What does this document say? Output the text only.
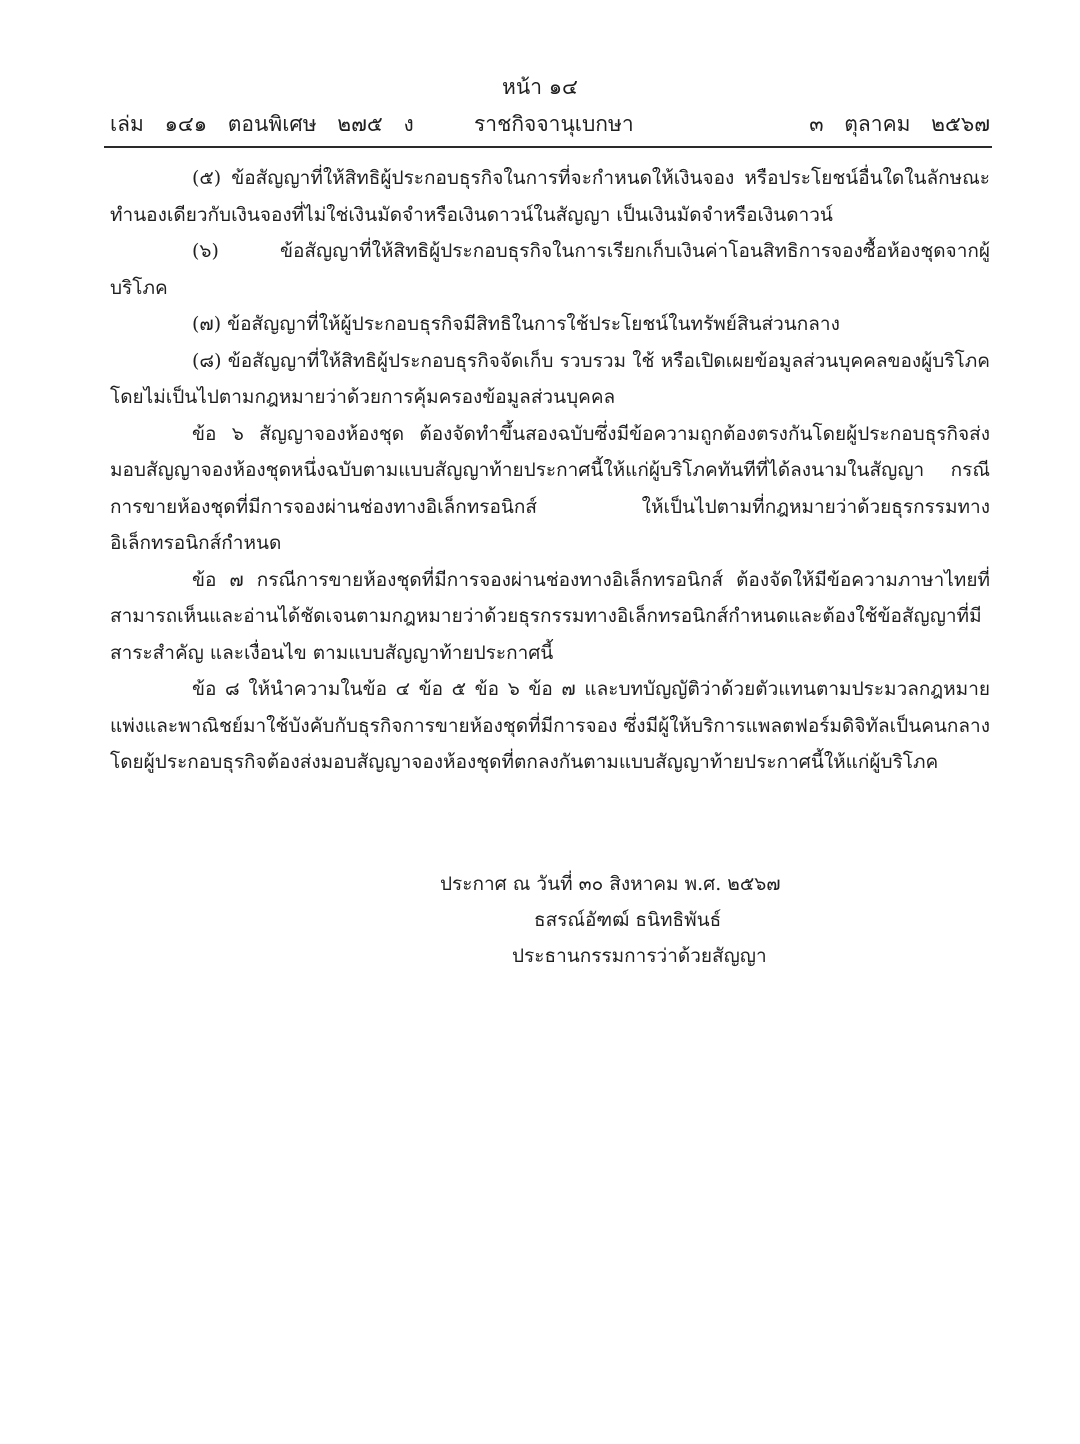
หน้า ๑๔
เล่ม ๑๔๑ ตอนพิเศษ ๒๗๕ ง	ราชกิจจานุเบกษา	๓ ตุลาคม ๒๕๖๗

(๕) ข้อสัญญาที่ให้สิทธิผู้ประกอบธุรกิจในการที่จะกำหนดให้เงินจอง หรือประโยชน์อื่นใดในลักษณะทำนองเดียวกับเงินจองที่ไม่ใช่เงินมัดจำหรือเงินดาวน์ในสัญญา เป็นเงินมัดจำหรือเงินดาวน์

(๖) ข้อสัญญาที่ให้สิทธิผู้ประกอบธุรกิจในการเรียกเก็บเงินค่าโอนสิทธิการจองซื้อห้องชุดจากผู้บริโภค

(๗) ข้อสัญญาที่ให้ผู้ประกอบธุรกิจมีสิทธิในการใช้ประโยชน์ในทรัพย์สินส่วนกลาง

(๘) ข้อสัญญาที่ให้สิทธิผู้ประกอบธุรกิจจัดเก็บ รวบรวม ใช้ หรือเปิดเผยข้อมูลส่วนบุคคลของผู้บริโภคโดยไม่เป็นไปตามกฎหมายว่าด้วยการคุ้มครองข้อมูลส่วนบุคคล

ข้อ ๖ สัญญาจองห้องชุด ต้องจัดทำขึ้นสองฉบับซึ่งมีข้อความถูกต้องตรงกันโดยผู้ประกอบธุรกิจส่งมอบสัญญาจองห้องชุดหนึ่งฉบับตามแบบสัญญาท้ายประกาศนี้ให้แก่ผู้บริโภคทันทีที่ได้ลงนามในสัญญา กรณีการขายห้องชุดที่มีการจองผ่านช่องทางอิเล็กทรอนิกส์ ให้เป็นไปตามที่กฎหมายว่าด้วยธุรกรรมทางอิเล็กทรอนิกส์กำหนด

ข้อ ๗ กรณีการขายห้องชุดที่มีการจองผ่านช่องทางอิเล็กทรอนิกส์ ต้องจัดให้มีข้อความภาษาไทยที่สามารถเห็นและอ่านได้ชัดเจนตามกฎหมายว่าด้วยธุรกรรมทางอิเล็กทรอนิกส์กำหนดและต้องใช้ข้อสัญญาที่มีสาระสำคัญ และเงื่อนไข ตามแบบสัญญาท้ายประกาศนี้

ข้อ ๘ ให้นำความในข้อ ๔ ข้อ ๕ ข้อ ๖ ข้อ ๗ และบทบัญญัติว่าด้วยตัวแทนตามประมวลกฎหมายแพ่งและพาณิชย์มาใช้บังคับกับธุรกิจการขายห้องชุดที่มีการจอง ซึ่งมีผู้ให้บริการแพลตฟอร์มดิจิทัลเป็นคนกลาง โดยผู้ประกอบธุรกิจต้องส่งมอบสัญญาจองห้องชุดที่ตกลงกันตามแบบสัญญาท้ายประกาศนี้ให้แก่ผู้บริโภค

ประกาศ ณ วันที่ ๓๐ สิงหาคม พ.ศ. ๒๕๖๗
ธสรณ์อัฑฒ์ ธนิทธิพันธ์
ประธานกรรมการว่าด้วยสัญญา
